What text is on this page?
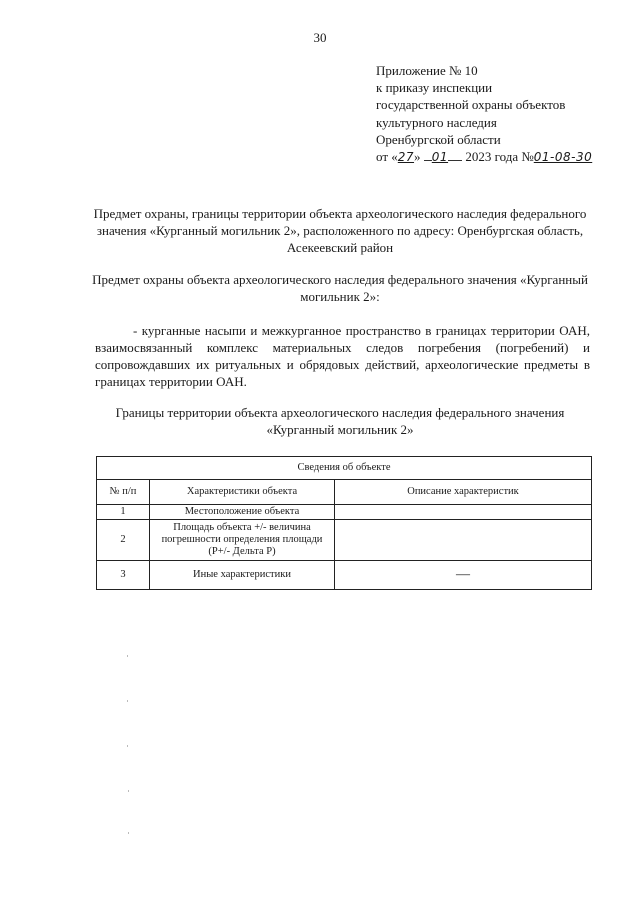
30
Приложение № 10
к приказу инспекции
государственной охраны объектов
культурного наследия
Оренбургской области
от «27» 01 2023 года №01-08-30
Предмет охраны, границы территории объекта археологического наследия федерального значения «Курганный могильник 2», расположенного по адресу: Оренбургская область, Асекеевский район
Предмет охраны объекта археологического наследия федерального значения «Курганный могильник 2»:
- курганные насыпи и межкурганное пространство в границах территории ОАН, взаимосвязанный комплекс материальных следов погребения (погребений) и сопровождавших их ритуальных и обрядовых действий, археологические предметы в границах территории ОАН.
Границы территории объекта археологического наследия федерального значения «Курганный могильник 2»
Сведения об объекте		
№ п/п	Характеристики объекта	Описание характеристик
1	Местоположение объекта	
2	Площадь объекта +/- величина погрешности определения площади (Р+/- Дельта Р)	
3	Иные характеристики	—
